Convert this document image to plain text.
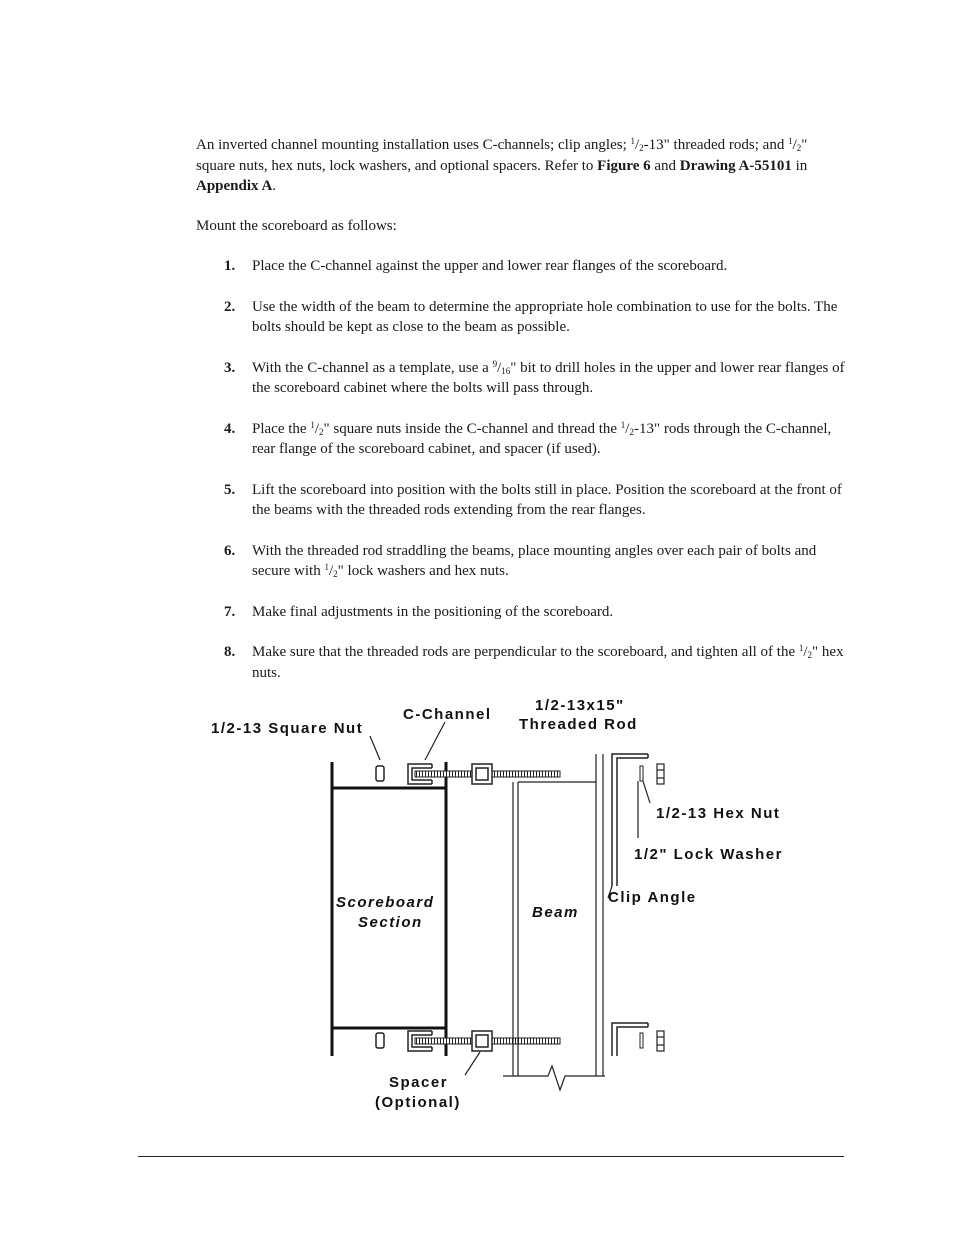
An inverted channel mounting installation uses C-channels; clip angles; $^1/_2-13$" threaded rods; and $^1/_2$" square nuts, hex nuts, lock washers, and optional spacers. Refer to Figure 6 and Drawing A-55101 in Appendix A.

Mount the scoreboard as follows:

1. Place the C-channel against the upper and lower rear flanges of the scoreboard.
2. Use the width of the beam to determine the appropriate hole combination to use for the bolts. The bolts should be kept as close to the beam as possible.
3. With the C-channel as a template, use a $^9/_{16}$" bit to drill holes in the upper and lower rear flanges of the scoreboard cabinet where the bolts will pass through.
4. Place the $^1/_2$" square nuts inside the C-channel and thread the $^1/_2-13$" rods through the C-channel, rear flange of the scoreboard cabinet, and spacer (if used).
5. Lift the scoreboard into position with the bolts still in place. Position the scoreboard at the front of the beams with the threaded rods extending from the rear flanges.
6. With the threaded rod straddling the beams, place mounting angles over each pair of bolts and secure with $^1/_2$" lock washers and hex nuts.
7. Make final adjustments in the positioning of the scoreboard.
8. Make sure that the threaded rods are perpendicular to the scoreboard, and tighten all of the $^1/_2$" hex nuts.
1/2-13 Square Nut
C-Channel
1/2-13x15"
Threaded Rod
1/2-13 Hex Nut
1/2" Lock Washer
Clip Angle
Beam
Scoreboard
Section
Spacer
(Optional)
